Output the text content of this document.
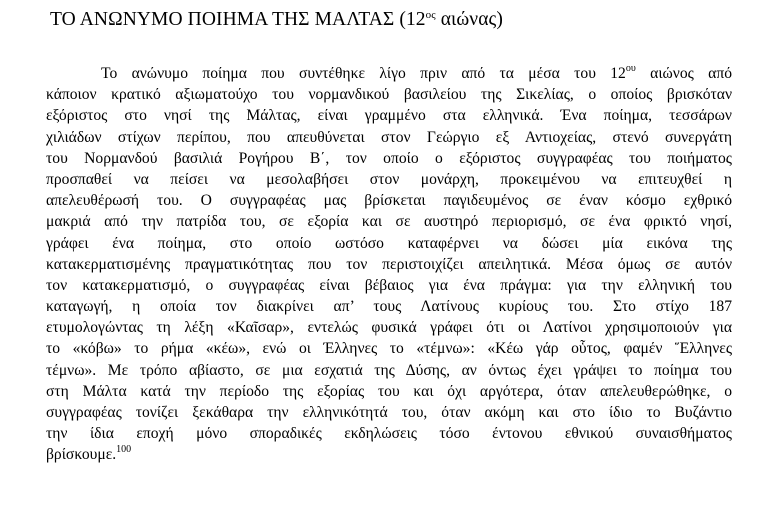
ΤΟ ΑΝΩΝΥΜΟ ΠΟΙΗΜΑ ΤΗΣ ΜΑΛΤΑΣ ($12^{o\varsigma}$ αιώνας)
Το ανώνυμο ποίημα που συντέθηκε λίγο πριν από τα μέσα του $12^{o\upsilon}$ αιώνος από
κάποιον κρατικό αξιωματούχο του νορμανδικού βασιλείου της Σικελίας, ο οποίος βρισκόταν
εξόριστος στο νησί της Μάλτας, είναι γραμμένο στα ελληνικά. Ένα ποίημα, τεσσάρων
χιλιάδων στίχων περίπου, που απευθύνεται στον Γεώργιο εξ Αντιοχείας, στενό συνεργάτη
του Νορμανδού βασιλιά Ρογήρου Β΄, τον οποίο ο εξόριστος συγγραφέας του ποιήματος
προσπαθεί να πείσει να μεσολαβήσει στον μονάρχη, προκειμένου να επιτευχθεί η
απελευθέρωσή του. Ο συγγραφέας μας βρίσκεται παγιδευμένος σε έναν κόσμο εχθρικό
μακριά από την πατρίδα του, σε εξορία και σε αυστηρό περιορισμό, σε ένα φρικτό νησί,
γράφει ένα ποίημα, στο οποίο ωστόσο καταφέρνει να δώσει μία εικόνα της
κατακερματισμένης πραγματικότητας που τον περιστοιχίζει απειλητικά. Μέσα όμως σε αυτόν
τον κατακερματισμό, ο συγγραφέας είναι βέβαιος για ένα πράγμα: για την ελληνική του
καταγωγή, η οποία τον διακρίνει απ’ τους Λατίνους κυρίους του. Στο στίχο 187
ετυμολογώντας τη λέξη «Καῖσαρ», εντελώς φυσικά γράφει ότι οι Λατίνοι χρησιμοποιούν για
το «κόβω» το ρήμα «κέω», ενώ οι Έλληνες το «τέμνω»: «Κέω γάρ οὗτος, φαμέν Ἕλληνες
τέμνω». Με τρόπο αβίαστο, σε μια εσχατιά της Δύσης, αν όντως έχει γράψει το ποίημα του
στη Μάλτα κατά την περίοδο της εξορίας του και όχι αργότερα, όταν απελευθερώθηκε, ο
συγγραφέας τονίζει ξεκάθαρα την ελληνικότητά του, όταν ακόμη και στο ίδιο το Βυζάντιο
την ίδια εποχή μόνο σποραδικές εκδηλώσεις τόσο έντονου εθνικού συναισθήματος
βρίσκουμε.$^{100}$
